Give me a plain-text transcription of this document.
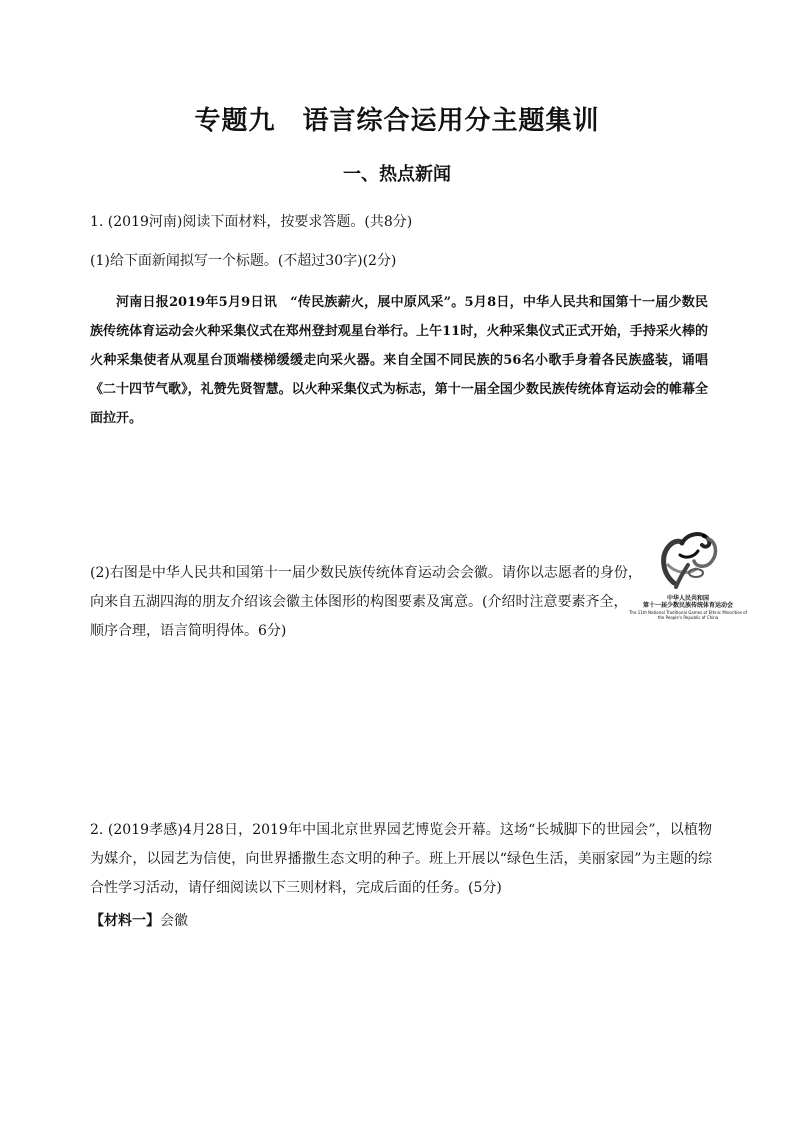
专题九　语言综合运用分主题集训
一、热点新闻
1. (2019河南)阅读下面材料，按要求答题。(共8分)
(1)给下面新闻拟写一个标题。(不超过30字)(2分)
河南日报2019年5月9日讯　“传民族薪火，展中原风采”。5月8日，中华人民共和国第十一届少数民族传统体育运动会火种采集仪式在郑州登封观星台举行。上午11时，火种采集仪式正式开始，手持采火棒的火种采集使者从观星台顶端楼梯缓缓走向采火器。来自全国不同民族的56名小歌手身着各民族盛装，诵唱《二十四节气歌》，礼赞先贤智慧。以火种采集仪式为标志，第十一届全国少数民族传统体育运动会的帷幕全面拉开。
(2)右图是中华人民共和国第十一届少数民族传统体育运动会会徽。请你以志愿者的身份，
向来自五湖四海的朋友介绍该会徽主体图形的构图要素及寓意。(介绍时注意要素齐全，
顺序合理，语言简明得体。6分)
中华人民共和国
第十一届少数民族传统体育运动会
The 11th National Traditional Games of Ethnic Minorities of
the People's Republic of China
2. (2019孝感)4月28日，2019年中国北京世界园艺博览会开幕。这场“长城脚下的世园会”，以植物为媒介，以园艺为信使，向世界播撒生态文明的种子。班上开展以“绿色生活，美丽家园”为主题的综合性学习活动，请仔细阅读以下三则材料，完成后面的任务。(5分)
【材料一】会徽
